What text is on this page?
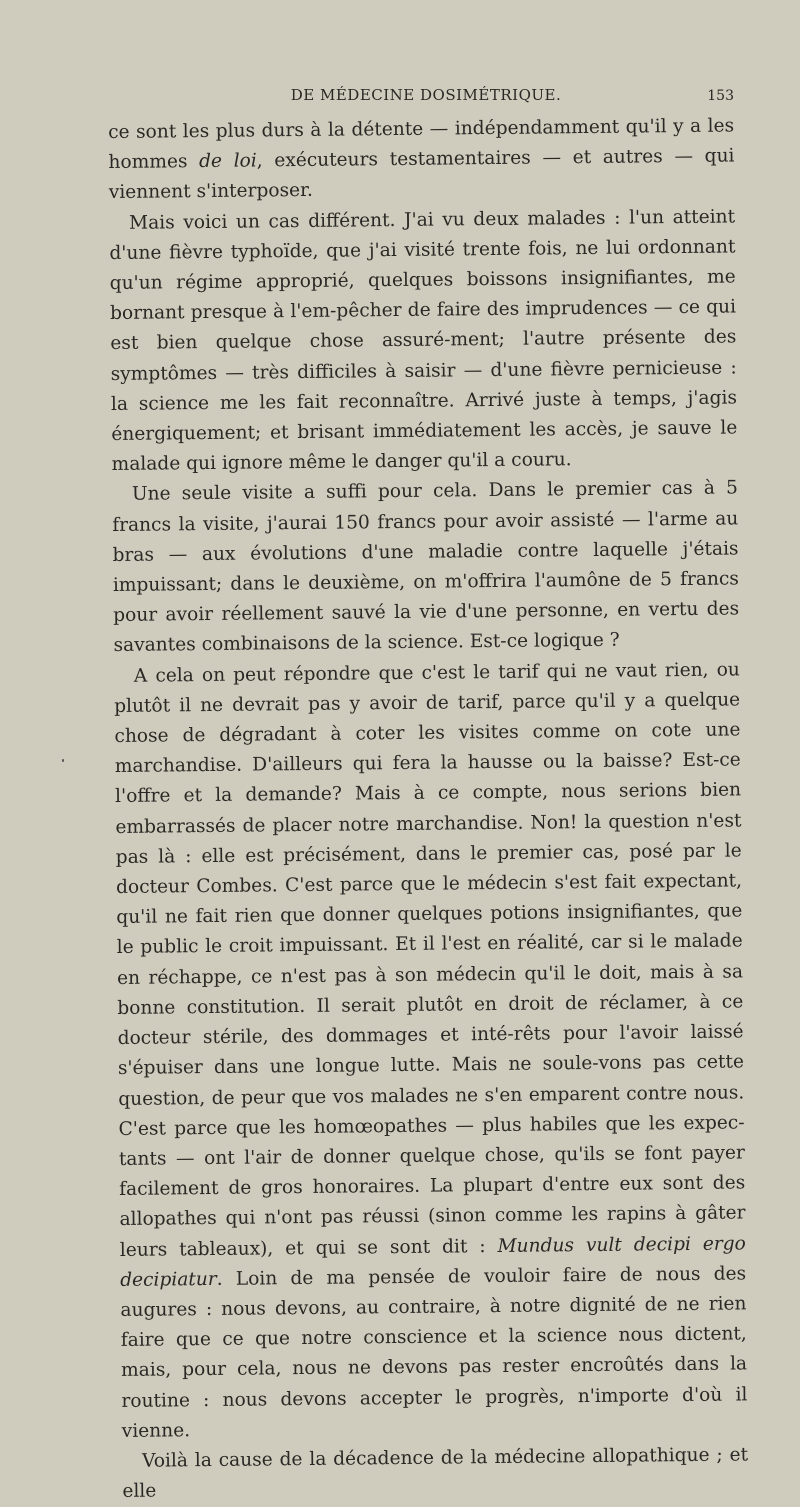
DE MÉDECINE DOSIMÉTRIQUE.	153

ce sont les plus durs à la détente — indépendamment qu'il y a les hommes de loi, exécuteurs testamentaires — et autres — qui viennent s'interposer.

Mais voici un cas différent. J'ai vu deux malades : l'un atteint d'une fièvre typhoïde, que j'ai visité trente fois, ne lui ordonnant qu'un régime approprié, quelques boissons insignifiantes, me bornant presque à l'em-pêcher de faire des imprudences — ce qui est bien quelque chose assuré-ment; l'autre présente des symptômes — très difficiles à saisir — d'une fièvre pernicieuse : la science me les fait reconnaître. Arrivé juste à temps, j'agis énergiquement; et brisant immédiatement les accès, je sauve le malade qui ignore même le danger qu'il a couru.

Une seule visite a suffi pour cela. Dans le premier cas à 5 francs la visite, j'aurai 150 francs pour avoir assisté — l'arme au bras — aux évolutions d'une maladie contre laquelle j'étais impuissant; dans le deuxième, on m'offrira l'aumône de 5 francs pour avoir réellement sauvé la vie d'une personne, en vertu des savantes combinaisons de la science. Est-ce logique ?

A cela on peut répondre que c'est le tarif qui ne vaut rien, ou plutôt il ne devrait pas y avoir de tarif, parce qu'il y a quelque chose de dégradant à coter les visites comme on cote une marchandise. D'ailleurs qui fera la hausse ou la baisse? Est-ce l'offre et la demande? Mais à ce compte, nous serions bien embarrassés de placer notre marchandise. Non! la question n'est pas là : elle est précisément, dans le premier cas, posé par le docteur Combes. C'est parce que le médecin s'est fait expectant, qu'il ne fait rien que donner quelques potions insignifiantes, que le public le croit impuissant. Et il l'est en réalité, car si le malade en réchappe, ce n'est pas à son médecin qu'il le doit, mais à sa bonne constitution. Il serait plutôt en droit de réclamer, à ce docteur stérile, des dommages et inté-rêts pour l'avoir laissé s'épuiser dans une longue lutte. Mais ne soule-vons pas cette question, de peur que vos malades ne s'en emparent contre nous. C'est parce que les homœopathes — plus habiles que les expec-tants — ont l'air de donner quelque chose, qu'ils se font payer facilement de gros honoraires. La plupart d'entre eux sont des allopathes qui n'ont pas réussi (sinon comme les rapins à gâter leurs tableaux), et qui se sont dit : Mundus vult decipi ergo decipiatur. Loin de ma pensée de vouloir faire de nous des augures : nous devons, au contraire, à notre dignité de ne rien faire que ce que notre conscience et la science nous dictent, mais, pour cela, nous ne devons pas rester encroûtés dans la routine : nous devons accepter le progrès, n'importe d'où il vienne.

Voilà la cause de la décadence de la médecine allopathique ; et elle
